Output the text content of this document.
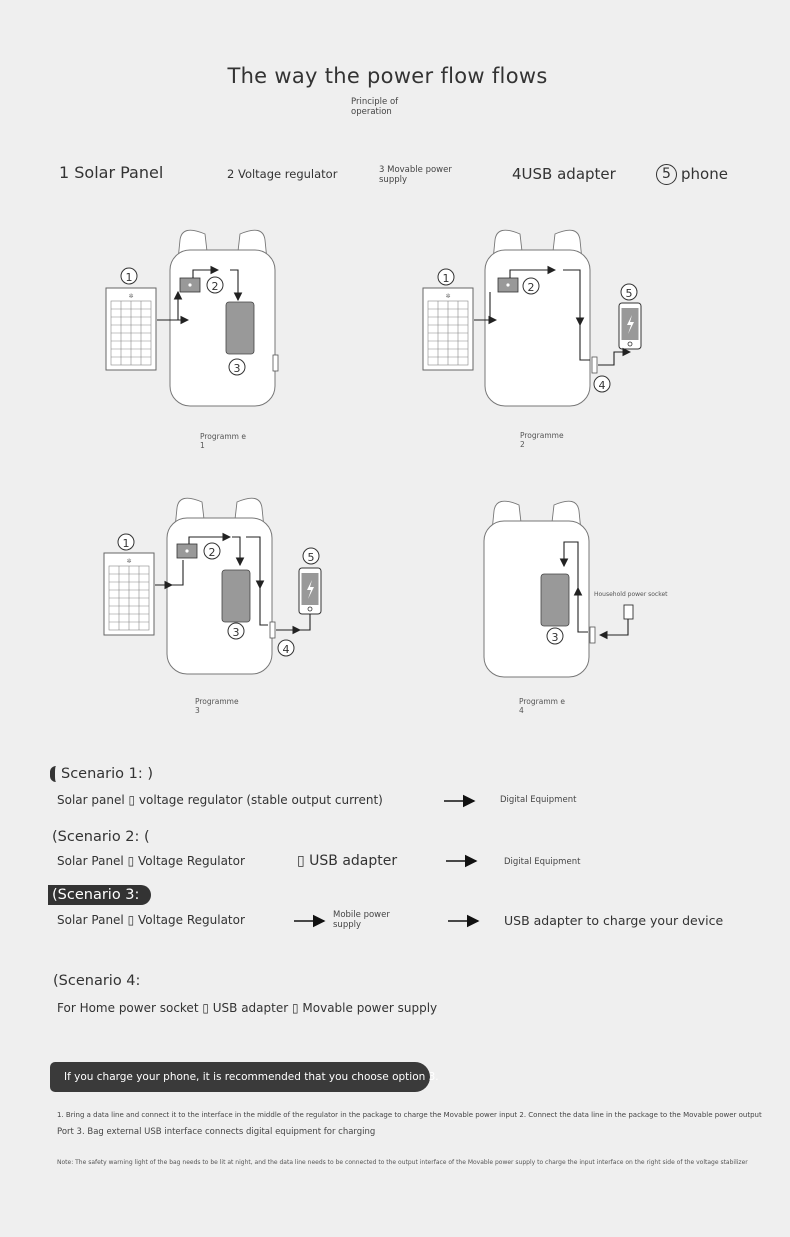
The way the power flow flows
Principle of operation
1 Solar Panel	2 Voltage regulator	3 Movable power supply	4USB adapter	5 phone
✲
1
2
3
1
2	5
4
1
2
3
5
4
3
Programm e 1
Programme 2
Programme 3
Programm e 4
Household power socket
Scenario 1: )
Solar panel ▯ voltage regulator (stable output current)	Digital Equipment
(Scenario 2: (
Solar Panel ▯ Voltage Regulator	▯ USB adapter	Digital Equipment
(Scenario 3:
Solar Panel ▯ Voltage Regulator	Mobile power supply	USB adapter to charge your device
(Scenario 4:
For Home power socket ▯ USB adapter ▯ Movable power supply
If you charge your phone, it is recommended that you choose option 3.
1. Bring a data line and connect it to the interface in the middle of the regulator in the package to charge the Movable power input 2. Connect the data line in the package to the Movable power output
Port 3. Bag external USB interface connects digital equipment for charging
Note: The safety warning light of the bag needs to be lit at night, and the data line needs to be connected to the output interface of the Movable power supply to charge the input interface on the right side of the voltage stabilizer
